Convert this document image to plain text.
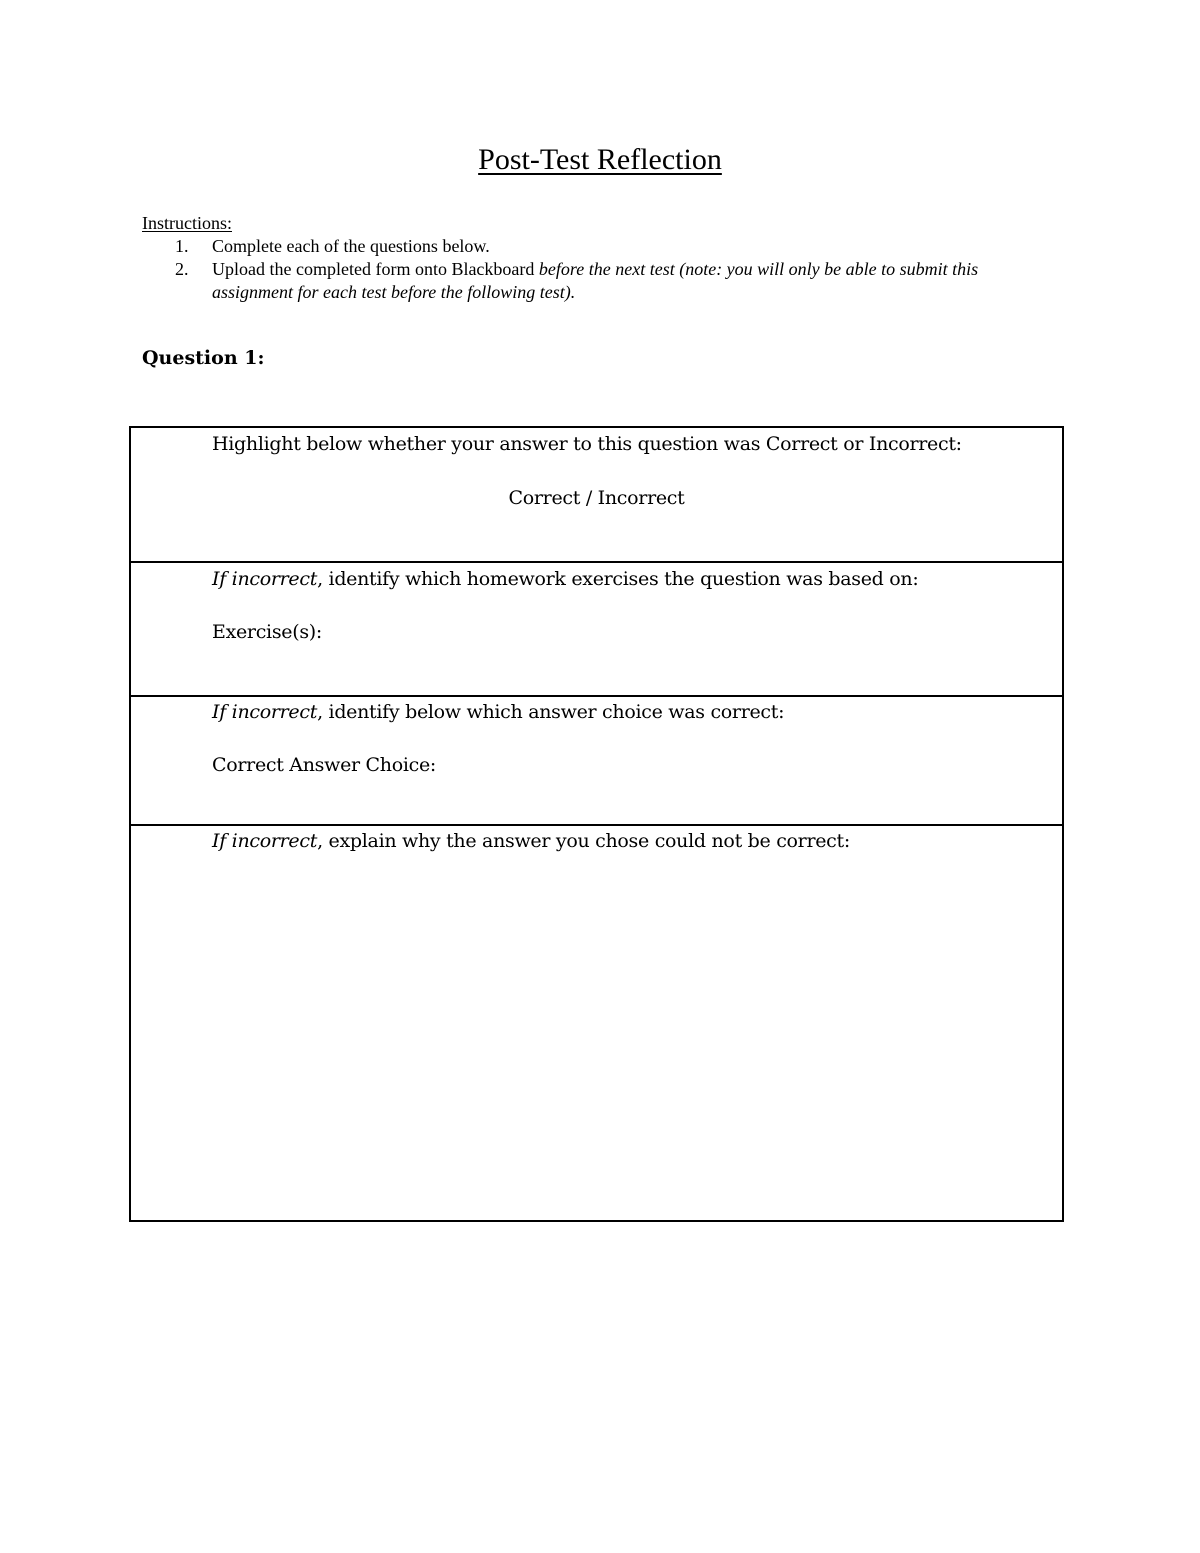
Post-Test Reflection
Instructions:
1. Complete each of the questions below.
2. Upload the completed form onto Blackboard before the next test (note: you will only be able to submit this
assignment for each test before the following test).
Question 1:
Highlight below whether your answer to this question was Correct or Incorrect:
Correct / Incorrect
If incorrect, identify which homework exercises the question was based on:
Exercise(s):
If incorrect, identify below which answer choice was correct:
Correct Answer Choice:
If incorrect, explain why the answer you chose could not be correct:
